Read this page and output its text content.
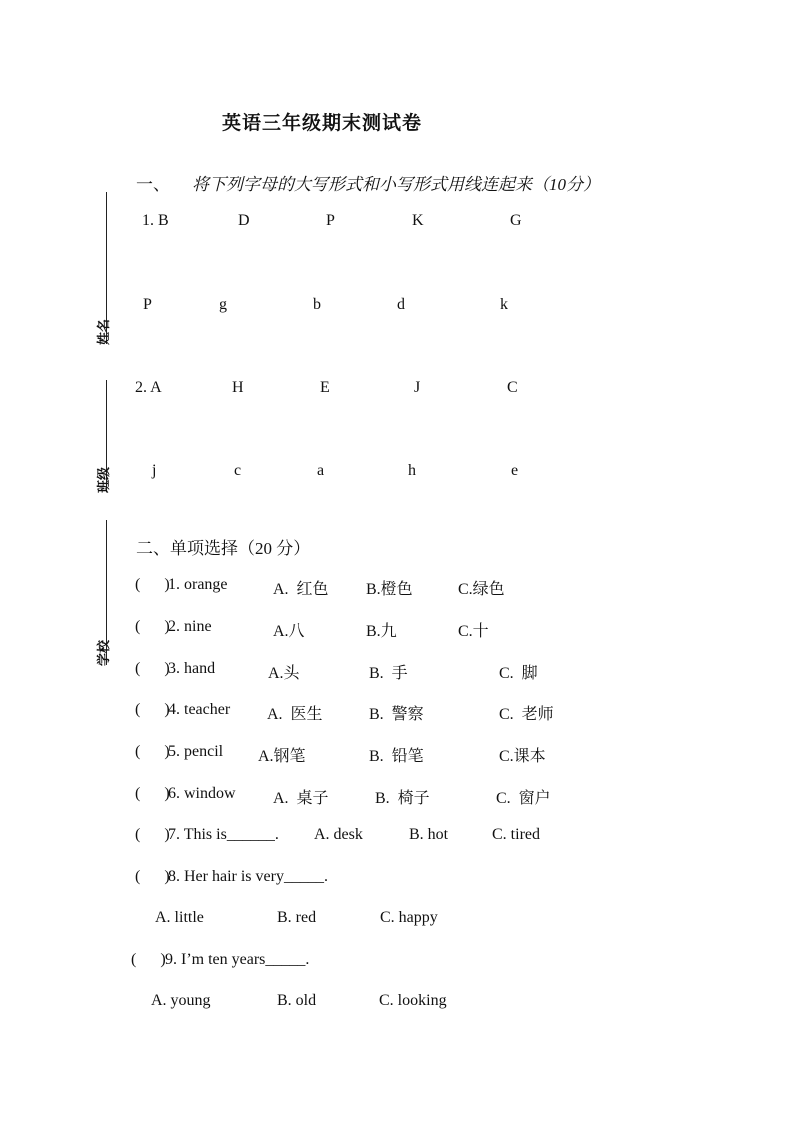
英语三年级期末测试卷
姓名
班级
学校
一、 将下列字母的大写形式和小写形式用线连起来（10分）
1. B	D	P	K	G
P	g	b	d	k
2. A	H	E	J	C
j	c	a	h	e
二、单项选择（20 分）
(      )
1. orange	A.  红色 B.橙色	C.绿色
(      )
2. nine	A.八	B.九	C.十
(      )
3. hand	A.头	B.  手	C.  脚
(      )
4. teacher A.  医生	B.  警察	C.  老师
(      )
5. pencil A.钢笔	B.  铅笔	C.课本
(      )
6. window A.  桌子	B.  椅子	C.  窗户
(      )
7. This is______. A. desk	B. hot	C. tired
(      )
8. Her hair is very_____.
A. little	B. red	C. happy
(      ) 9. I’m ten years_____.
A. young	B. old	C. looking
